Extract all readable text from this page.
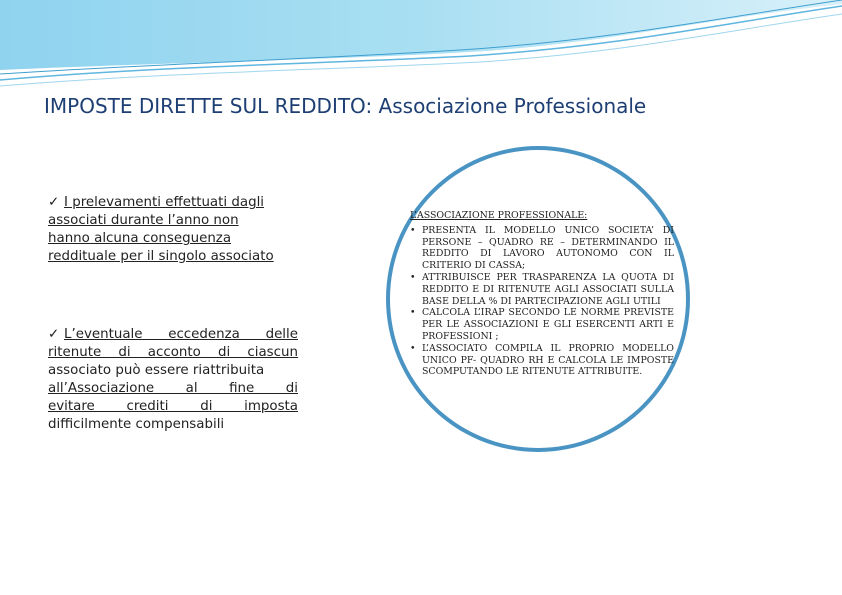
IMPOSTE DIRETTE SUL REDDITO: Associazione Professionale
✓ I prelevamenti effettuati dagli
associati durante l’anno non
hanno alcuna conseguenza
reddituale per il singolo associato
✓ L’eventuale eccedenza delle
ritenute di acconto di ciascun
associato può essere riattribuita
all’Associazione al fine di
evitare crediti di imposta
difficilmente compensabili
L’ASSOCIAZIONE PROFESSIONALE:
• PRESENTA IL MODELLO UNICO SOCIETA’ DI PERSONE – QUADRO RE – DETERMINANDO IL REDDITO DI LAVORO AUTONOMO CON IL CRITERIO DI CASSA;
• ATTRIBUISCE PER TRASPARENZA LA QUOTA DI REDDITO E DI RITENUTE AGLI ASSOCIATI SULLA BASE DELLA % DI PARTECIPAZIONE AGLI UTILI
• CALCOLA L’IRAP SECONDO LE NORME PREVISTE PER LE ASSOCIAZIONI E GLI ESERCENTI ARTI E PROFESSIONI ;
• L’ASSOCIATO COMPILA IL PROPRIO MODELLO UNICO PF- QUADRO RH E CALCOLA LE IMPOSTE SCOMPUTANDO LE RITENUTE ATTRIBUITE.
